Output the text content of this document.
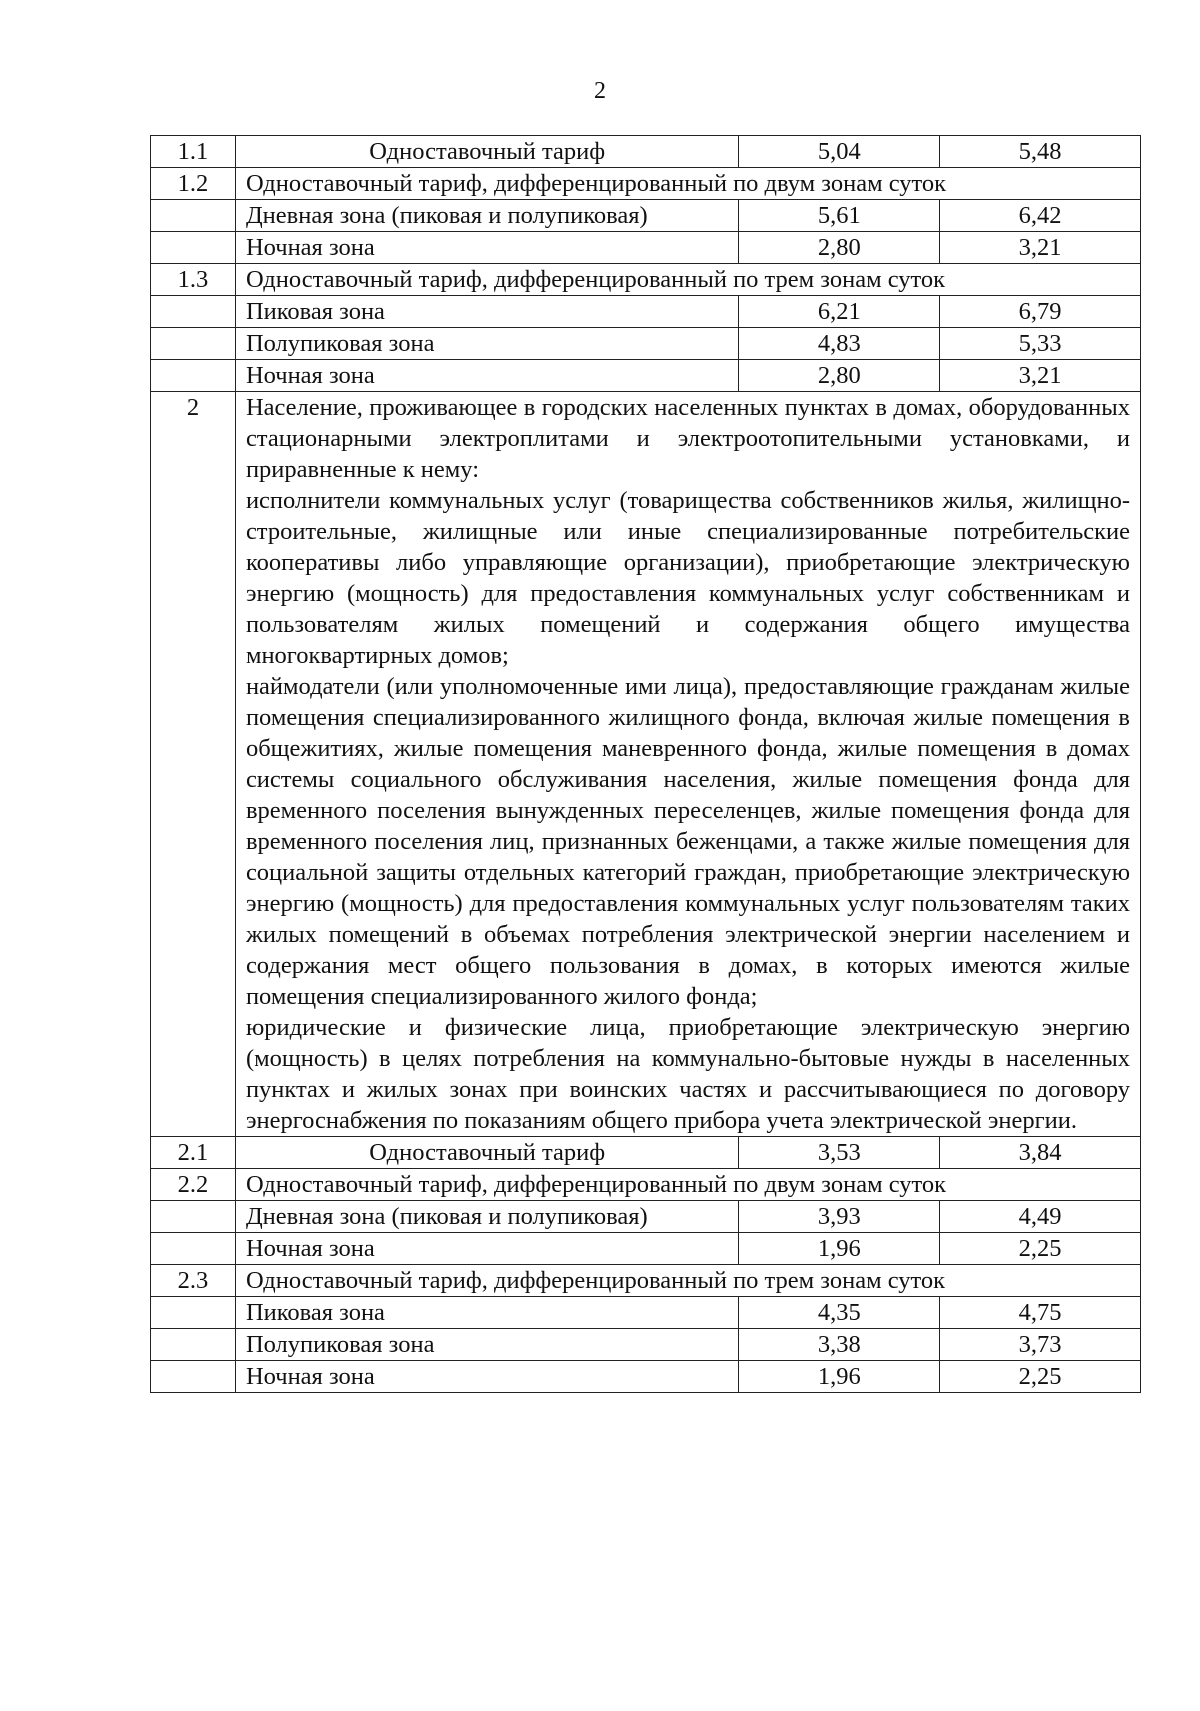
2
1.1	Одноставочный тариф	5,04	5,48
1.2	Одноставочный тариф, дифференцированный по двум зонам суток		
	Дневная зона (пиковая и полупиковая)	5,61	6,42
	Ночная зона	2,80	3,21
1.3	Одноставочный тариф, дифференцированный по трем зонам суток		
	Пиковая зона	6,21	6,79
	Полупиковая зона	4,83	5,33
	Ночная зона	2,80	3,21
2	Население, проживающее в городских населенных пунктах в домах, оборудованных стационарными электроплитами и электроотопительными установками, и приравненные к нему:
исполнители коммунальных услуг (товарищества собственников жилья, жилищно-строительные, жилищные или иные специализированные потребительские кооперативы либо управляющие организации), приобретающие электрическую энергию (мощность) для предоставления коммунальных услуг собственникам и пользователям жилых помещений и содержания общего имущества многоквартирных домов;
наймодатели (или уполномоченные ими лица), предоставляющие гражданам жилые помещения специализированного жилищного фонда, включая жилые помещения в общежитиях, жилые помещения маневренного фонда, жилые помещения в домах системы социального обслуживания населения, жилые помещения фонда для временного поселения вынужденных переселенцев, жилые помещения фонда для временного поселения лиц, признанных беженцами, а также жилые помещения для социальной защиты отдельных категорий граждан, приобретающие электрическую энергию (мощность) для предоставления коммунальных услуг пользователям таких жилых помещений в объемах потребления электрической энергии населением и содержания мест общего пользования в домах, в которых имеются жилые помещения специализированного жилого фонда;
юридические и физические лица, приобретающие электрическую энергию (мощность) в целях потребления на коммунально-бытовые нужды в населенных пунктах и жилых зонах при воинских частях и рассчитывающиеся по договору энергоснабжения по показаниям общего прибора учета электрической энергии.		

2.1	Одноставочный тариф	3,53	3,84
2.2	Одноставочный тариф, дифференцированный по двум зонам суток		
	Дневная зона (пиковая и полупиковая)	3,93	4,49
	Ночная зона	1,96	2,25
2.3	Одноставочный тариф, дифференцированный по трем зонам суток		
	Пиковая зона	4,35	4,75
	Полупиковая зона	3,38	3,73
	Ночная зона	1,96	2,25
